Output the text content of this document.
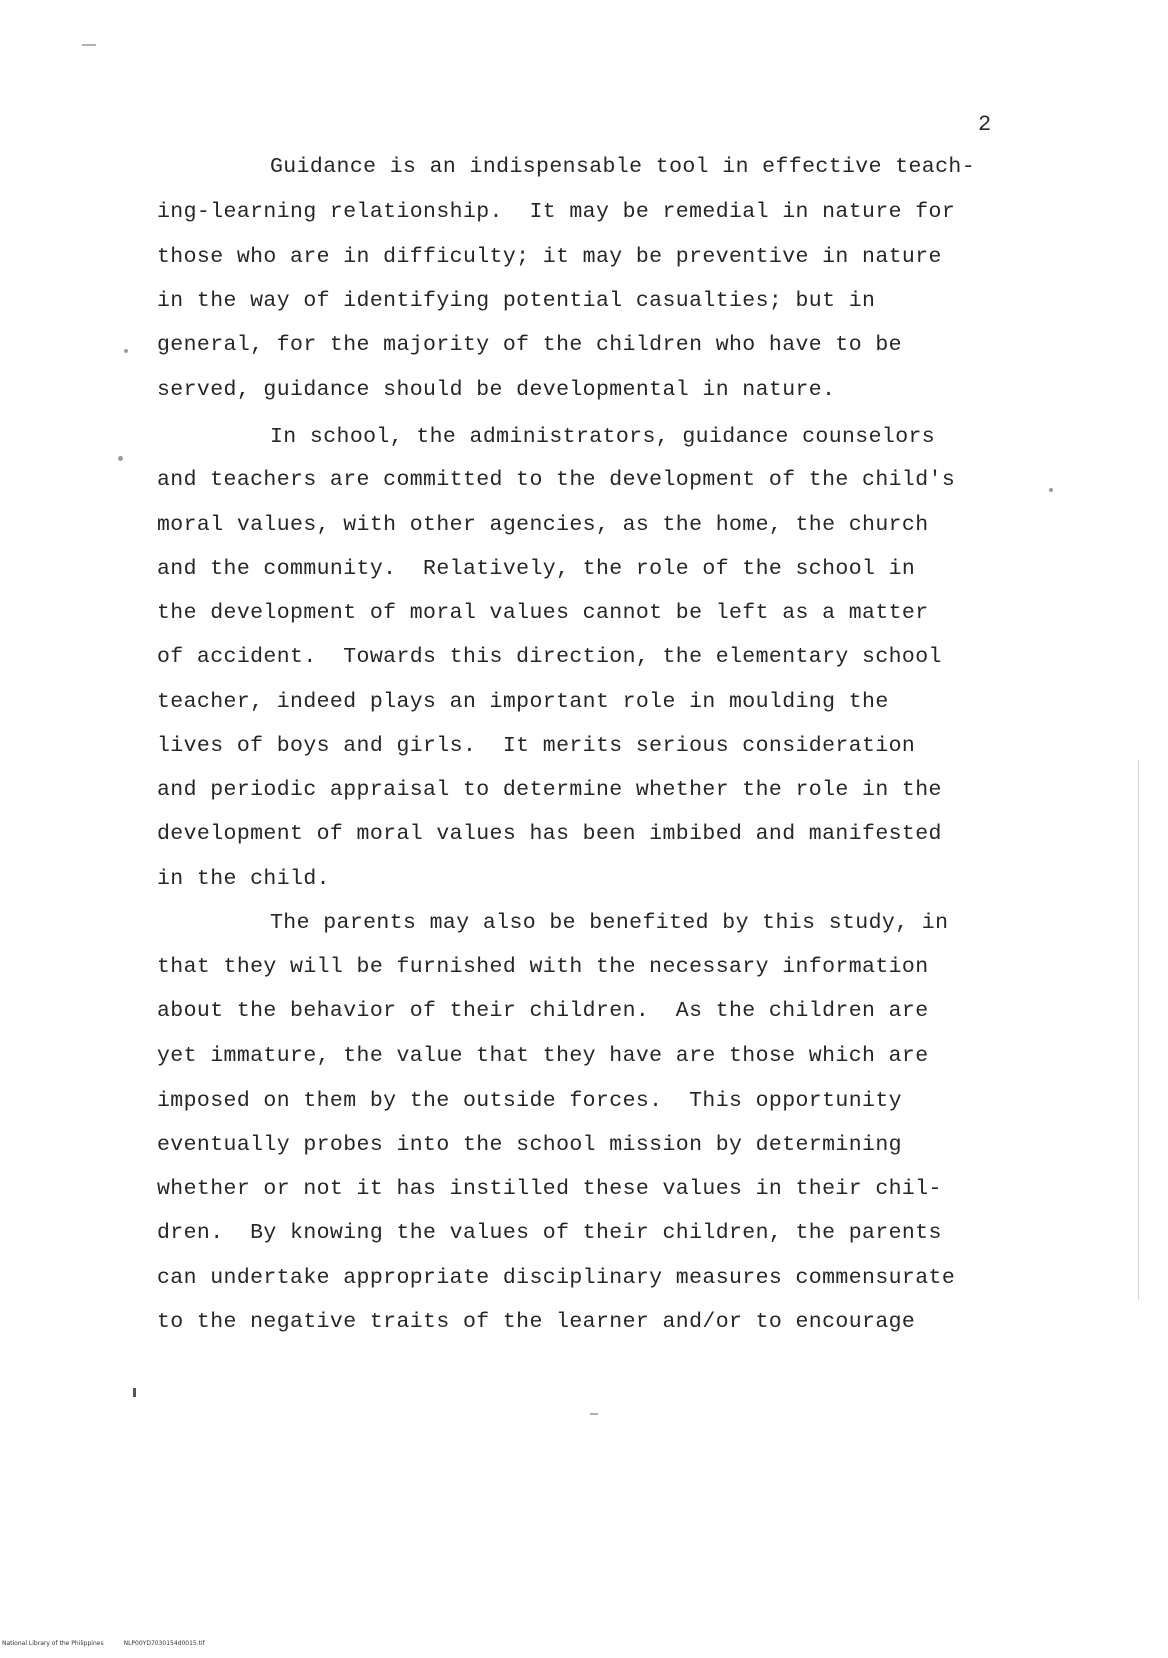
2
Guidance is an indispensable tool in effective teach-
ing-learning relationship.  It may be remedial in nature for
those who are in difficulty; it may be preventive in nature
in the way of identifying potential casualties; but in
general, for the majority of the children who have to be
served, guidance should be developmental in nature.
In school, the administrators, guidance counselors
and teachers are committed to the development of the child's
moral values, with other agencies, as the home, the church
and the community.  Relatively, the role of the school in
the development of moral values cannot be left as a matter
of accident.  Towards this direction, the elementary school
teacher, indeed plays an important role in moulding the
lives of boys and girls.  It merits serious consideration
and periodic appraisal to determine whether the role in the
development of moral values has been imbibed and manifested
in the child.
The parents may also be benefited by this study, in
that they will be furnished with the necessary information
about the behavior of their children.  As the children are
yet immature, the value that they have are those which are
imposed on them by the outside forces.  This opportunity
eventually probes into the school mission by determining
whether or not it has instilled these values in their chil-
dren.  By knowing the values of their children, the parents
can undertake appropriate disciplinary measures commensurate
to the negative traits of the learner and/or to encourage
National Library of the Philippines	NLP00YD7030154d0015.tif
